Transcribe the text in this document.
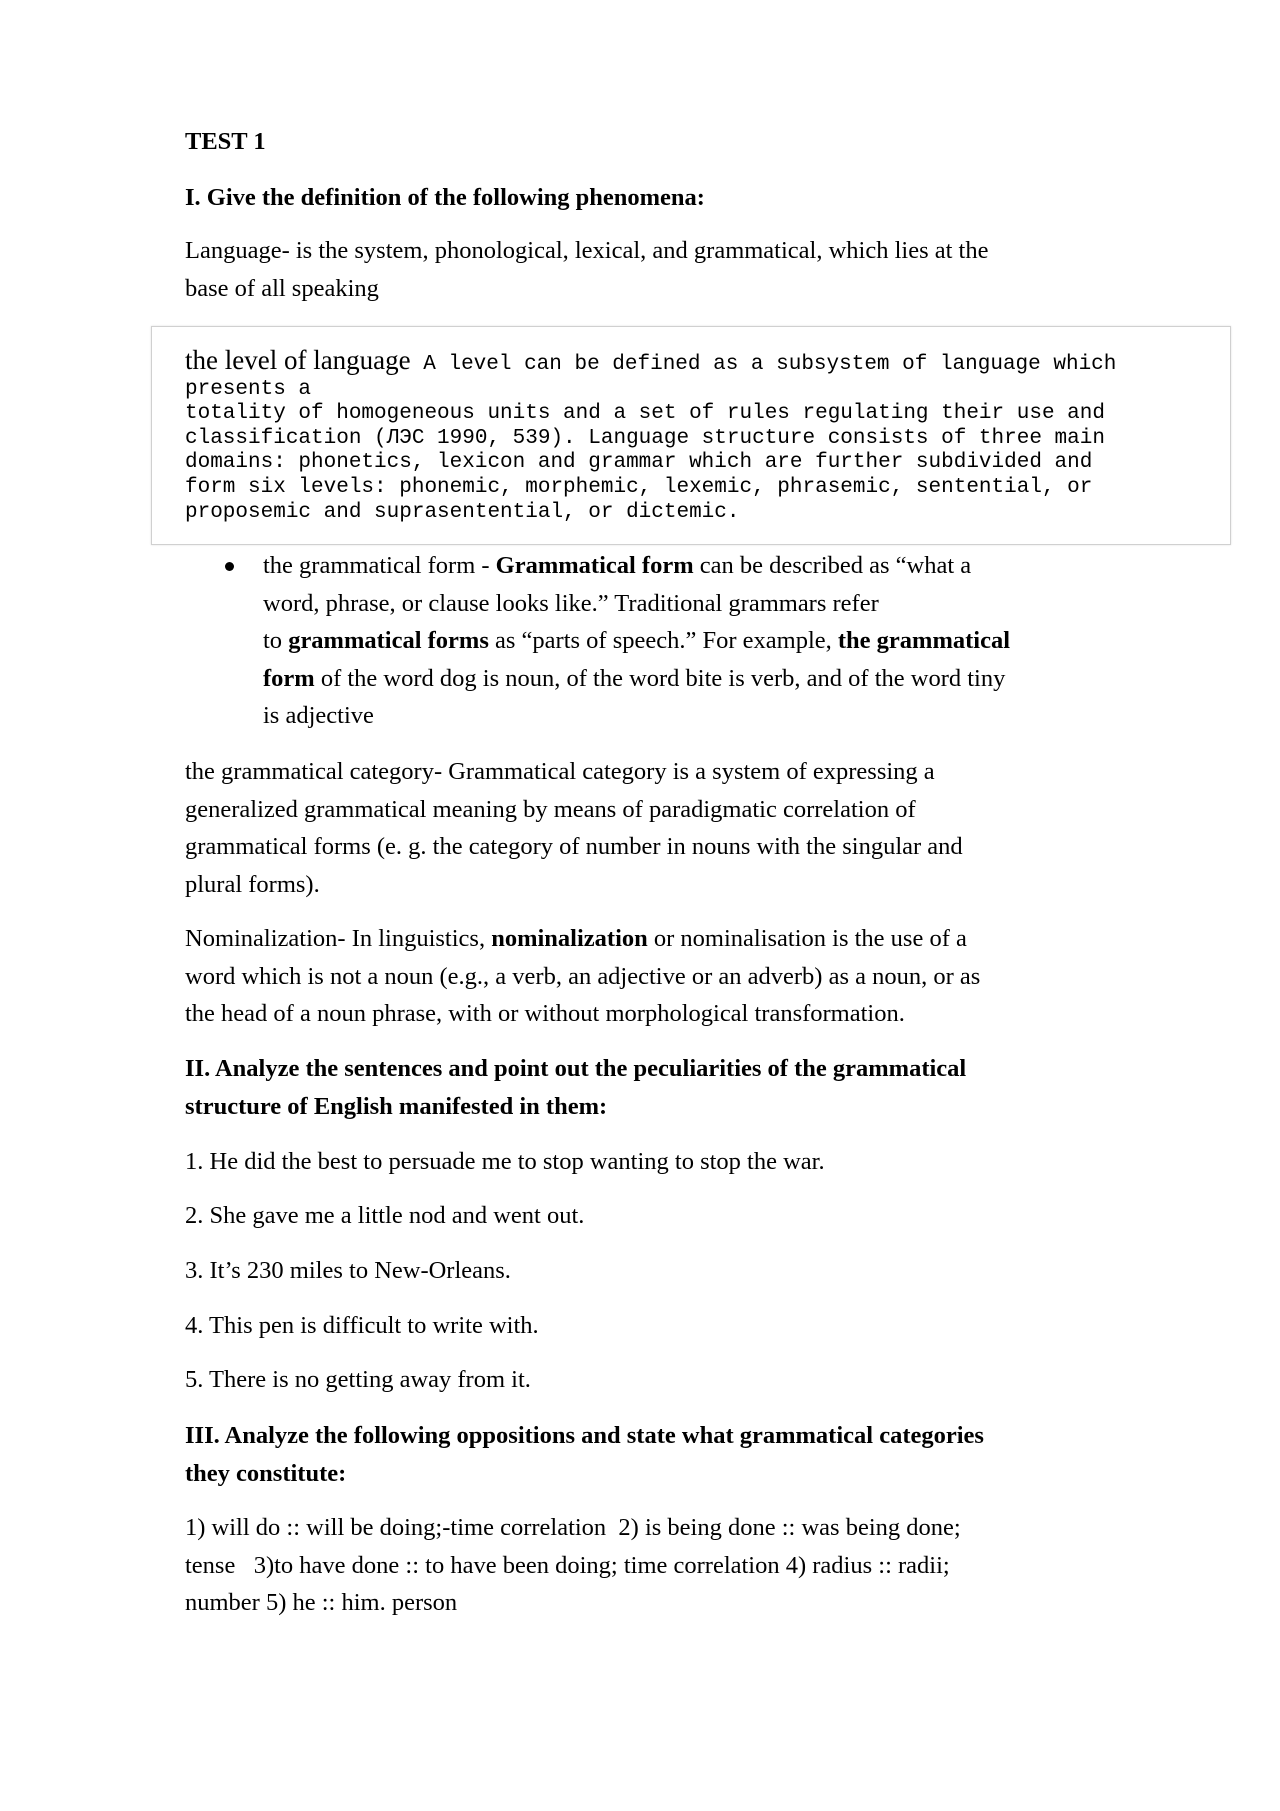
TEST 1
I. Give the definition of the following phenomena:
Language- is the system, phonological, lexical, and grammatical, which lies at the
base of all speaking
the level of language A level can be defined as a subsystem of language which
presents a
totality of homogeneous units and a set of rules regulating their use and
classification (ЛЭС 1990, 539). Language structure consists of three main
domains: phonetics, lexicon and grammar which are further subdivided and
form six levels: phonemic, morphemic, lexemic, phrasemic, sentential, or
proposemic and suprasentential, or dictemic.
the grammatical form - Grammatical form can be described as “what a
word, phrase, or clause looks like.” Traditional grammars refer
to grammatical forms as “parts of speech.” For example, the grammatical
form of the word dog is noun, of the word bite is verb, and of the word tiny
is adjective
the grammatical category- Grammatical category is a system of expressing a
generalized grammatical meaning by means of paradigmatic correlation of
grammatical forms (e. g. the category of number in nouns with the singular and
plural forms).
Nominalization- In linguistics, nominalization or nominalisation is the use of a
word which is not a noun (e.g., a verb, an adjective or an adverb) as a noun, or as
the head of a noun phrase, with or without morphological transformation.
II. Analyze the sentences and point out the peculiarities of the grammatical
structure of English manifested in them:
1. He did the best to persuade me to stop wanting to stop the war.
2. She gave me a little nod and went out.
3. It’s 230 miles to New-Orleans.
4. This pen is difficult to write with.
5. There is no getting away from it.
III. Analyze the following oppositions and state what grammatical categories
they constitute:
1) will do :: will be doing;-time correlation  2) is being done :: was being done;
tense   3)to have done :: to have been doing; time correlation 4) radius :: radii;
number 5) he :: him. person
